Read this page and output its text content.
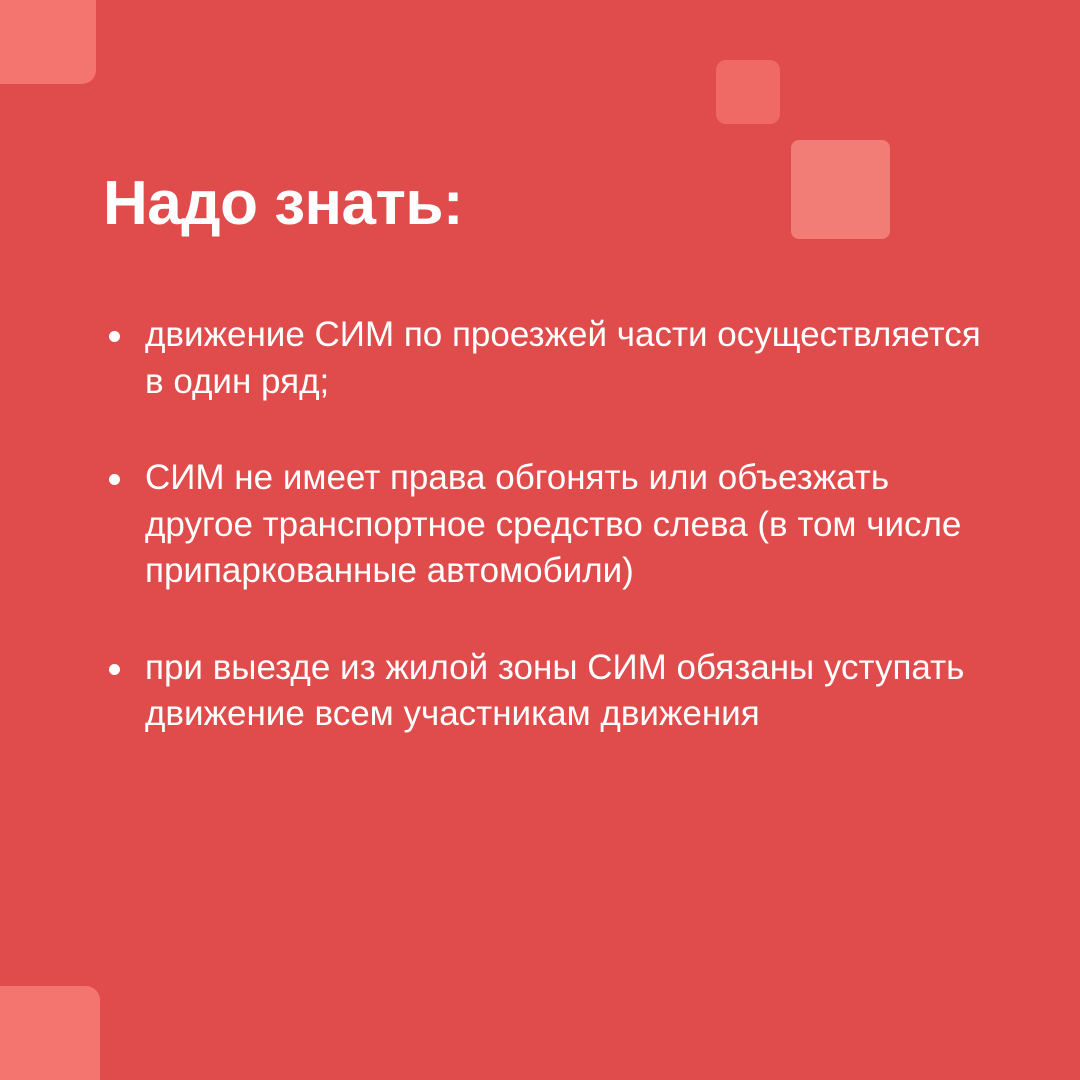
Надо знать:
движение СИМ по проезжей части осуществляется в один ряд;
СИМ не имеет права обгонять или объезжать другое транспортное средство слева (в том числе припаркованные автомобили)
при выезде из жилой зоны СИМ обязаны уступать движение всем участникам движения
